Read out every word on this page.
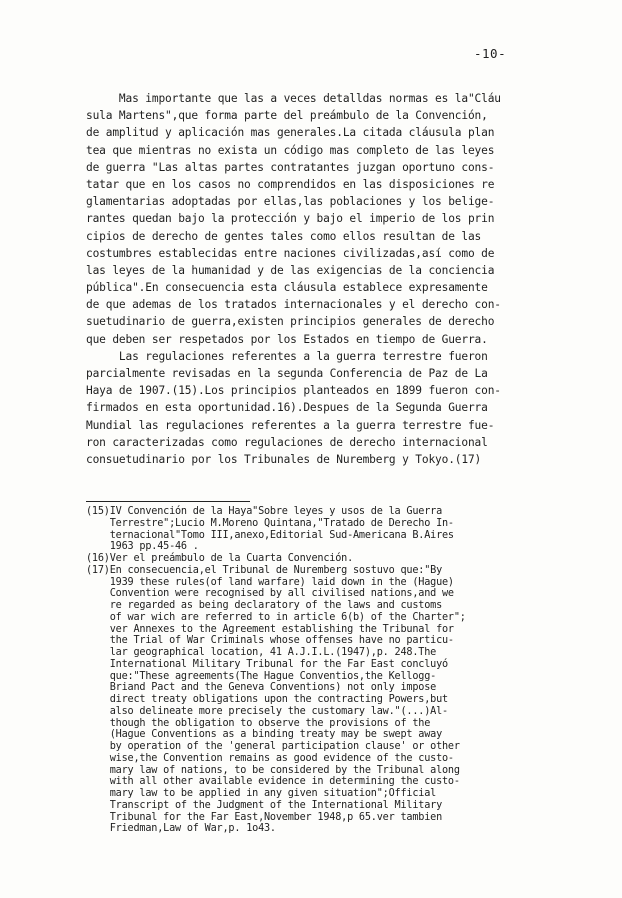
-10-
Mas importante que las a veces detalldas normas es la"Cláu
sula Martens",que forma parte del preámbulo de la Convención,
de amplitud y aplicación mas generales.La citada cláusula plan
tea que mientras no exista un código mas completo de las leyes
de guerra "Las altas partes contratantes juzgan oportuno cons-
tatar que en los casos no comprendidos en las disposiciones re
glamentarias adoptadas por ellas,las poblaciones y los belige-
rantes quedan bajo la protección y bajo el imperio de los prin
cipios de derecho de gentes tales como ellos resultan de las
costumbres establecidas entre naciones civilizadas,así como de
las leyes de la humanidad y de las exigencias de la conciencia
pública".En consecuencia esta cláusula establece expresamente
de que ademas de los tratados internacionales y el derecho con-
suetudinario de guerra,existen principios generales de derecho
que deben ser respetados por los Estados en tiempo de Guerra.
Las regulaciones referentes a la guerra terrestre fueron
parcialmente revisadas en la segunda Conferencia de Paz de La
Haya de 1907.(15).Los principios planteados en 1899 fueron con-
firmados en esta oportunidad.16).Despues de la Segunda Guerra
Mundial las regulaciones referentes a la guerra terrestre fue-
ron caracterizadas como regulaciones de derecho internacional
consuetudinario por los Tribunales de Nuremberg y Tokyo.(17)
(15)IV Convención de la Haya"Sobre leyes y usos de la Guerra
Terrestre";Lucio M.Moreno Quintana,"Tratado de Derecho In-
ternacional"Tomo III,anexo,Editorial Sud-Americana B.Aires
1963 pp.45-46 .
(16)Ver el preámbulo de la Cuarta Convención.
(17)En consecuencia,el Tribunal de Nuremberg sostuvo que:"By
1939 these rules(of land warfare) laid down in the (Hague)
Convention were recognised by all civilised nations,and we
re regarded as being declaratory of the laws and customs
of war wich are referred to in article 6(b) of the Charter";
ver Annexes to the Agreement establishing the Tribunal for
the Trial of War Criminals whose offenses have no particu-
lar geographical location, 41 A.J.I.L.(1947),p. 248.The
International Military Tribunal for the Far East concluyó
que:"These agreements(The Hague Conventios,the Kellogg-
Briand Pact and the Geneva Conventions) not only impose
direct treaty obligations upon the contracting Powers,but
also delineate more precisely the customary law."(...)Al-
though the obligation to observe the provisions of the
(Hague Conventions as a binding treaty may be swept away
by operation of the 'general participation clause' or other
wise,the Convention remains as good evidence of the custo-
mary law of nations, to be considered by the Tribunal along
with all other available evidence in determining the custo-
mary law to be applied in any given situation";Official
Transcript of the Judgment of the International Military
Tribunal for the Far East,November 1948,p 65.ver tambien
Friedman,Law of War,p. 1o43.
